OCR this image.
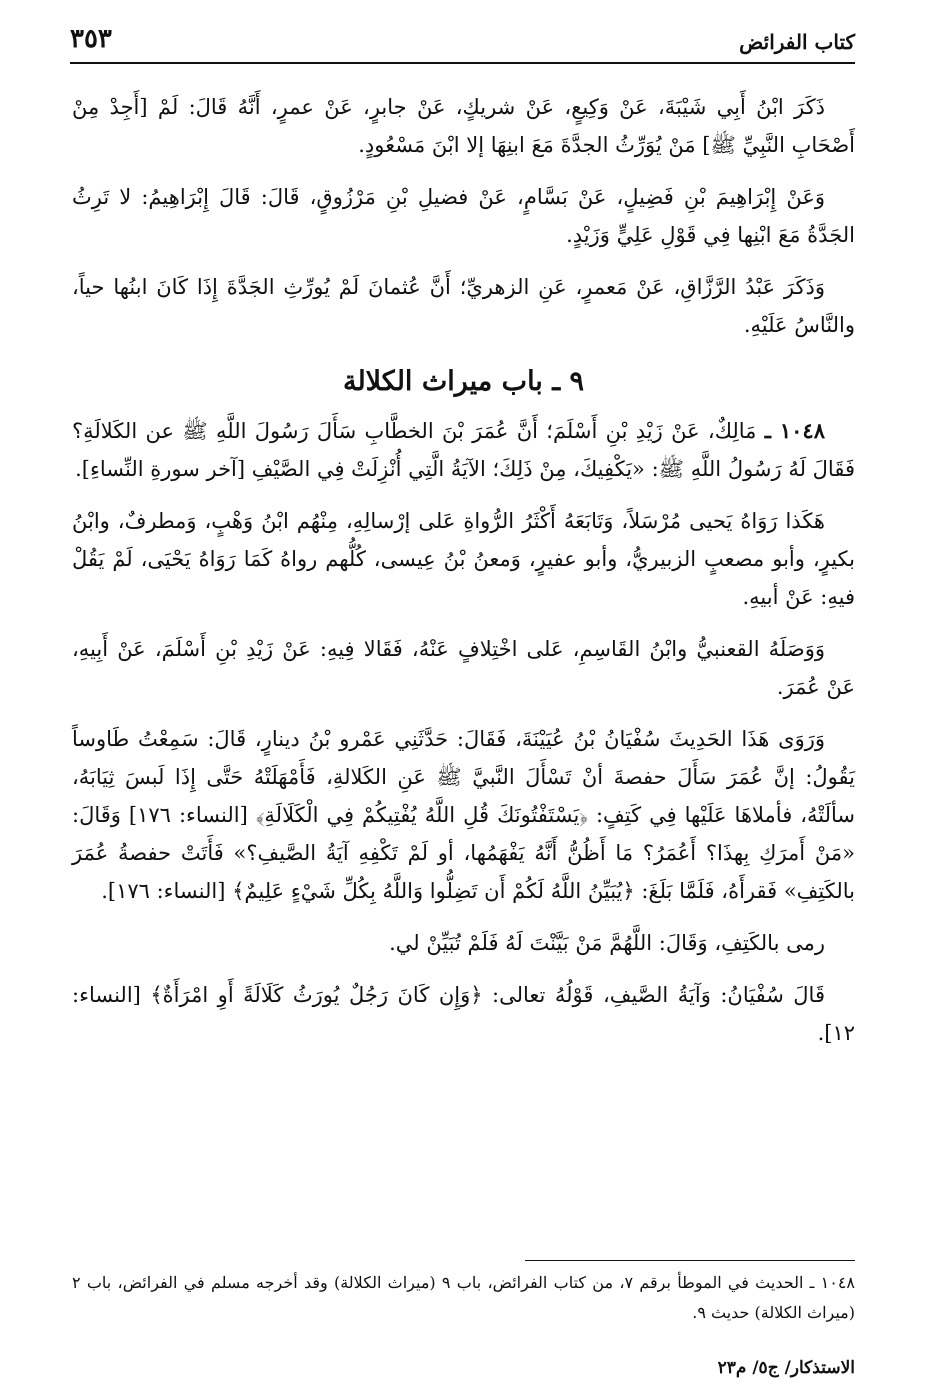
كتاب الفرائض
٣٥٣

ذَكَرَ ابْنُ أَبِي شَيْبَةَ، عَنْ وَكِيعٍ، عَنْ شريكٍ، عَنْ جابرٍ، عَنْ عمرٍ، أَنَّهُ قَالَ: لَمْ [أَجِدْ مِنْ أَصْحَابِ النَّبِيِّ ﷺ] مَنْ يُوَرِّثُ الجدَّةَ مَعَ ابنِهَا إلا ابْنَ مَسْعُودٍ.

وَعَنْ إِبْرَاهِيمَ بْنِ فَضِيلٍ، عَنْ بَسَّامٍ، عَنْ فضيلِ بْنِ مَرْزُوقٍ، قَالَ: قَالَ إِبْرَاهِيمُ: لا تَرِثُ الجَدَّةُ مَعَ ابْنِها فِي قَوْلِ عَلِيٍّ وَزَيْدٍ.

وَذَكَرَ عَبْدُ الرَّزَّاقِ، عَنْ مَعمرٍ، عَنِ الزهريِّ؛ أَنَّ عُثمانَ لَمْ يُورِّثِ الجَدَّةَ إِذَا كَانَ ابنُها حياً، والنَّاسُ عَلَيْهِ.

٩ ـ باب ميراث الكلالة

١٠٤٨ ـ مَالِكٌ، عَنْ زَيْدِ بْنِ أَسْلَمَ؛ أَنَّ عُمَرَ بْنَ الخطَّابِ سَأَلَ رَسُولَ اللَّهِ ﷺ عن الكَلالَةِ؟ فَقَالَ لَهُ رَسُولُ اللَّهِ ﷺ: «يَكْفِيكَ، مِنْ ذَلِكَ؛ الآيَةُ الَّتِي أُنْزِلَتْ فِي الصَّيْفِ [آخر سورةِ النِّساءِ].

هَكَذا رَوَاهُ يَحيى مُرْسَلاً، وَتَابَعَهُ أَكْثَرُ الرُّواةِ عَلى إرْسالِهِ، مِنْهُم ابْنُ وَهْبٍ، وَمطرفٌ، وابْنُ بكيرٍ، وأبو مصعبٍ الزبيريُّ، وأبو عفيرٍ، وَمعنُ بْنُ عِيسى، كُلُّهم رواهُ كَمَا رَوَاهُ يَحْيَى، لَمْ يَقُلْ فيهِ: عَنْ أبيهِ.

وَوَصَلَهُ القعنبيُّ وابْنُ القَاسِمِ، عَلى اخْتِلافٍ عَنْهُ، فَقَالا فِيهِ: عَنْ زَيْدِ بْنِ أَسْلَمَ، عَنْ أَبِيهِ، عَنْ عُمَرَ.

وَرَوَى هَذَا الحَدِيثَ سُفْيَانُ بْنُ عُيَيْنَةَ، فَقَالَ: حَدَّثَنِي عَمْرو بْنُ دينارٍ، قَالَ: سَمِعْتُ طَاوساً يَقُولُ: إنَّ عُمَرَ سَأَلَ حفصةَ أنْ تَسْأَلَ النَّبيَّ ﷺ عَنِ الكَلالةِ، فَأَمْهَلَتْهُ حَتَّى إِذَا لَبسَ ثِيَابَهُ، سألَتْهُ، فأملاهَا عَلَيْها فِي كَتِفٍ: ﴿يَسْتَفْتُونَكَ قُلِ اللَّهُ يُفْتِيكُمْ فِي الْكَلَالَةِ﴾ [النساء: ١٧٦] وَقَالَ: «مَنْ أَمرَكِ بِهذَا؟ أَعُمَرُ؟ مَا أَظُنُّ أَنَّهُ يَفْهَمُها، أو لَمْ تَكْفِهِ آيَةُ الصَّيفِ؟» فَأَتَتْ حفصةُ عُمَرَ بالكَتِفِ» فَقرأَهُ، فَلَمَّا بَلَغَ: ﴿يُبَيِّنُ اللَّهُ لَكُمْ أَن تَضِلُّوا وَاللَّهُ بِكُلِّ شَيْءٍ عَلِيمٌ﴾ [النساء: ١٧٦].

رمى بالكَتِفِ، وَقَالَ: اللَّهُمَّ مَنْ بَيَّنْتَ لَهُ فَلَمْ تُبَيِّنْ لي.

قَالَ سُفْيَانُ: وَآيَةُ الصَّيفِ، قَوْلُهُ تعالى: ﴿وَإِن كَانَ رَجُلٌ يُورَثُ كَلَالَةً أَوِ امْرَأَةٌ﴾ [النساء: ١٢].

١٠٤٨ ـ الحديث في الموطأ برقم ٧، من كتاب الفرائض، باب ٩ (ميراث الكلالة) وقد أخرجه مسلم في الفرائض، باب ٢ (ميراث الكلالة) حديث ٩.
الاستذكار/ ج٥/ م٢٣
